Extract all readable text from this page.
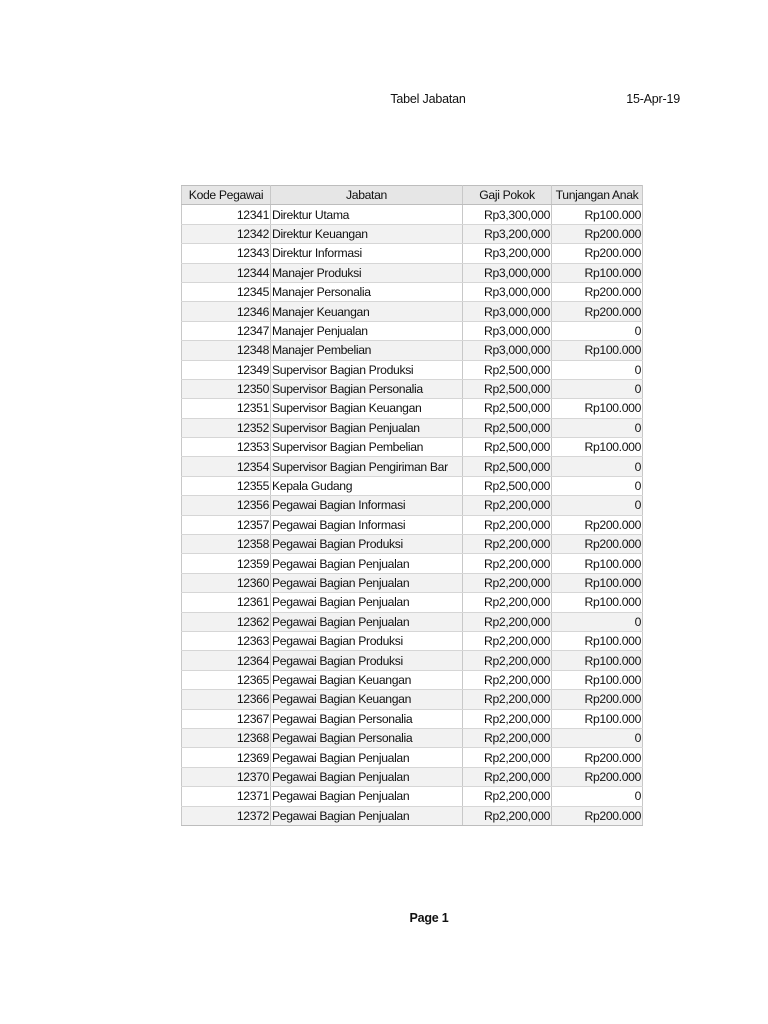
Tabel Jabatan	15-Apr-19
Kode Pegawai	Jabatan	Gaji Pokok	Tunjangan Anak
12341	Direktur Utama	Rp3,300,000	Rp100.000
12342	Direktur Keuangan	Rp3,200,000	Rp200.000
12343	Direktur Informasi	Rp3,200,000	Rp200.000
12344	Manajer Produksi	Rp3,000,000	Rp100.000
12345	Manajer Personalia	Rp3,000,000	Rp200.000
12346	Manajer Keuangan	Rp3,000,000	Rp200.000
12347	Manajer Penjualan	Rp3,000,000	0
12348	Manajer Pembelian	Rp3,000,000	Rp100.000
12349	Supervisor Bagian Produksi	Rp2,500,000	0
12350	Supervisor Bagian Personalia	Rp2,500,000	0
12351	Supervisor Bagian Keuangan	Rp2,500,000	Rp100.000
12352	Supervisor Bagian Penjualan	Rp2,500,000	0
12353	Supervisor Bagian Pembelian	Rp2,500,000	Rp100.000
12354	Supervisor Bagian Pengiriman Bar	Rp2,500,000	0
12355	Kepala Gudang	Rp2,500,000	0
12356	Pegawai Bagian Informasi	Rp2,200,000	0
12357	Pegawai Bagian Informasi	Rp2,200,000	Rp200.000
12358	Pegawai Bagian Produksi	Rp2,200,000	Rp200.000
12359	Pegawai Bagian Penjualan	Rp2,200,000	Rp100.000
12360	Pegawai Bagian Penjualan	Rp2,200,000	Rp100.000
12361	Pegawai Bagian Penjualan	Rp2,200,000	Rp100.000
12362	Pegawai Bagian Penjualan	Rp2,200,000	0
12363	Pegawai Bagian Produksi	Rp2,200,000	Rp100.000
12364	Pegawai Bagian Produksi	Rp2,200,000	Rp100.000
12365	Pegawai Bagian Keuangan	Rp2,200,000	Rp100.000
12366	Pegawai Bagian Keuangan	Rp2,200,000	Rp200.000
12367	Pegawai Bagian Personalia	Rp2,200,000	Rp100.000
12368	Pegawai Bagian Personalia	Rp2,200,000	0
12369	Pegawai Bagian Penjualan	Rp2,200,000	Rp200.000
12370	Pegawai Bagian Penjualan	Rp2,200,000	Rp200.000
12371	Pegawai Bagian Penjualan	Rp2,200,000	0
12372	Pegawai Bagian Penjualan	Rp2,200,000	Rp200.000
Page 1
